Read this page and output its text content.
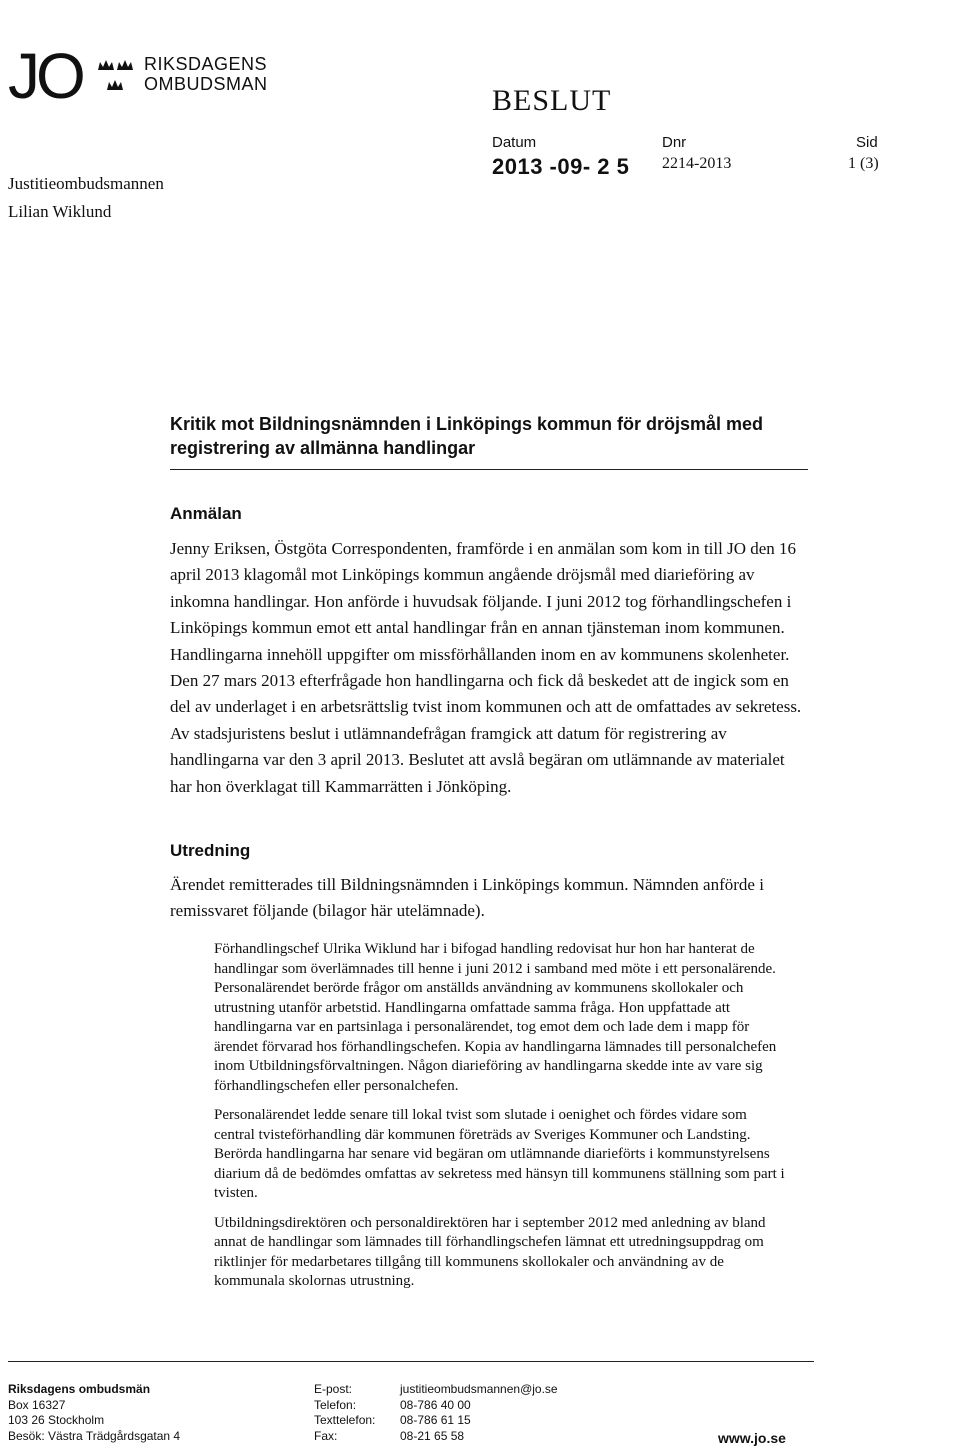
JO	RIKSDAGENS
OMBUDSMAN
Justitieombudsmannen
Lilian Wiklund
BESLUT
Datum
2013 -09- 2 5
Dnr
2214-2013
Sid
1 (3)
Kritik mot Bildningsnämnden i Linköpings kommun för dröjsmål med registrering av allmänna handlingar
Anmälan

Jenny Eriksen, Östgöta Correspondenten, framförde i en anmälan som kom in till JO den 16 april 2013 klagomål mot Linköpings kommun angående dröjsmål med diarieföring av inkomna handlingar. Hon anförde i huvudsak följande. I juni 2012 tog förhandlingschefen i Linköpings kommun emot ett antal handlingar från en annan tjänsteman inom kommunen. Handlingarna innehöll uppgifter om missförhållanden inom en av kommunens skolenheter. Den 27 mars 2013 efterfrågade hon handlingarna och fick då beskedet att de ingick som en del av underlaget i en arbetsrättslig tvist inom kommunen och att de omfattades av sekretess. Av stadsjuristens beslut i utlämnandefrågan framgick att datum för registrering av handlingarna var den 3 april 2013. Beslutet att avslå begäran om utlämnande av materialet har hon överklagat till Kammarrätten i Jönköping.

Utredning

Ärendet remitterades till Bildningsnämnden i Linköpings kommun. Nämnden anförde i remissvaret följande (bilagor här utelämnade).

Förhandlingschef Ulrika Wiklund har i bifogad handling redovisat hur hon har hanterat de handlingar som överlämnades till henne i juni 2012 i samband med möte i ett personalärende. Personalärendet berörde frågor om anställds användning av kommunens skollokaler och utrustning utanför arbetstid. Handlingarna omfattade samma fråga. Hon uppfattade att handlingarna var en partsinlaga i personalärendet, tog emot dem och lade dem i mapp för ärendet förvarad hos förhandlingschefen. Kopia av handlingarna lämnades till personalchefen inom Utbildningsförvaltningen. Någon diarieföring av handlingarna skedde inte av vare sig förhandlingschefen eller personalchefen.

Personalärendet ledde senare till lokal tvist som slutade i oenighet och fördes vidare som central tvisteförhandling där kommunen företräds av Sveriges Kommuner och Landsting. Berörda handlingarna har senare vid begäran om utlämnande diarieförts i kommunstyrelsens diarium då de bedömdes omfattas av sekretess med hänsyn till kommunens ställning som part i tvisten.

Utbildningsdirektören och personaldirektören har i september 2012 med anledning av bland annat de handlingar som lämnades till förhandlingschefen lämnat ett utredningsuppdrag om riktlinjer för medarbetares tillgång till kommunens skollokaler och användning av de kommunala skolornas utrustning.

Riksdagens ombudsmän
Box 16327
103 26 Stockholm
Besök: Västra Trädgårdsgatan 4
E-post:
Telefon:
Texttelefon:
Fax:
justitieombudsmannen@jo.se
08-786 40 00
08-786 61 15
08-21 65 58	www.jo.se
